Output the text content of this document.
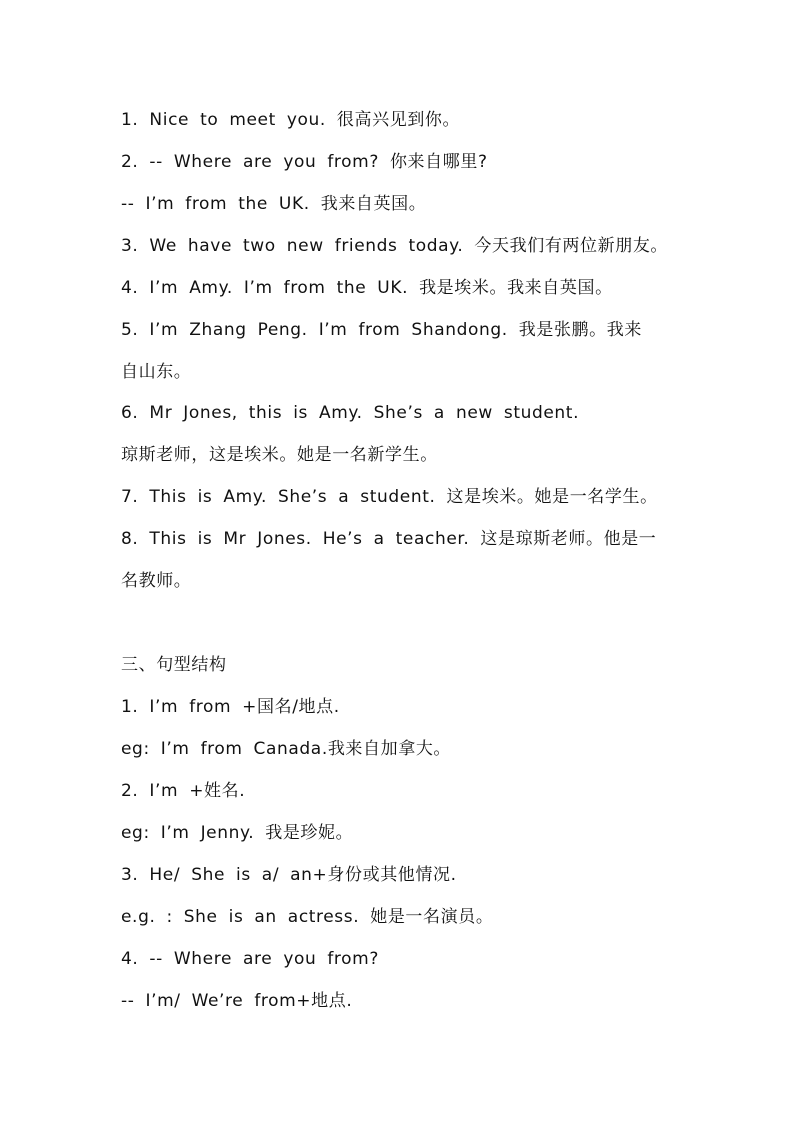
1. Nice to meet you. 很高兴见到你。
2. -- Where are you from? 你来自哪里?
-- I’m from the UK. 我来自英国。
3. We have two new friends today. 今天我们有两位新朋友。
4. I’m Amy. I’m from the UK. 我是埃米。我来自英国。
5. I’m Zhang Peng. I’m from Shandong. 我是张鹏。我来
自山东。
6. Mr Jones, this is Amy. She’s a new student.
琼斯老师，这是埃米。她是一名新学生。
7. This is Amy. She’s a student. 这是埃米。她是一名学生。
8. This is Mr Jones. He’s a teacher. 这是琼斯老师。他是一
名教师。
三、句型结构
1. I’m from +国名/地点.
eg: I’m from Canada.我来自加拿大。
2. I’m +姓名.
eg: I’m Jenny. 我是珍妮。
3. He/ She is a/ an+身份或其他情况.
e.g. : She is an actress. 她是一名演员。
4. -- Where are you from?
-- I’m/ We’re from+地点.
